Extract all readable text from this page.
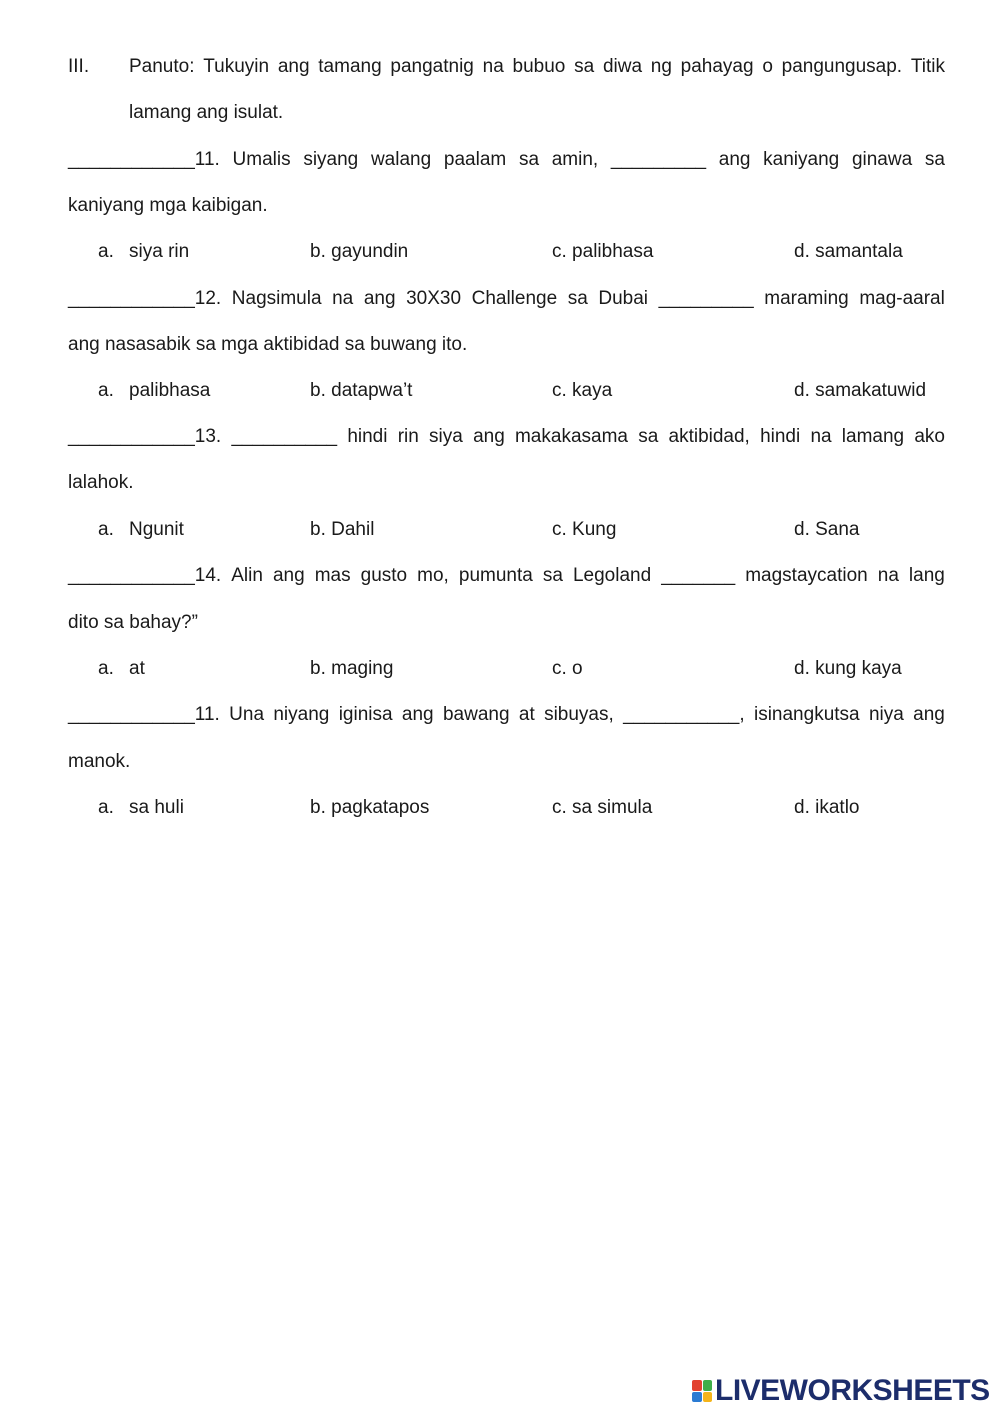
III. Panuto: Tukuyin ang tamang pangatnig na bubuo sa diwa ng pahayag o pangungusap. Titik
lamang ang isulat.
____________11. Umalis siyang walang paalam sa amin, _________ ang kaniyang ginawa sa
kaniyang mga kaibigan.
a. siya rin	b. gayundin	c. palibhasa	d. samantala
____________12. Nagsimula na ang 30X30 Challenge sa Dubai _________ maraming mag-aaral
ang nasasabik sa mga aktibidad sa buwang ito.
a. palibhasa	b. datapwa’t	c. kaya	d. samakatuwid
____________13. __________ hindi rin siya ang makakasama sa aktibidad, hindi na lamang ako
lalahok.
a. Ngunit	b. Dahil	c. Kung	d. Sana
____________14. Alin ang mas gusto mo, pumunta sa Legoland _______ magstaycation na lang
dito sa bahay?”
a. at	b. maging	c. o	d. kung kaya
____________11. Una niyang iginisa ang bawang at sibuyas, ___________, isinangkutsa niya ang
manok.
a. sa huli	b. pagkatapos	c. sa simula	d. ikatlo
LIVEWORKSHEETS
